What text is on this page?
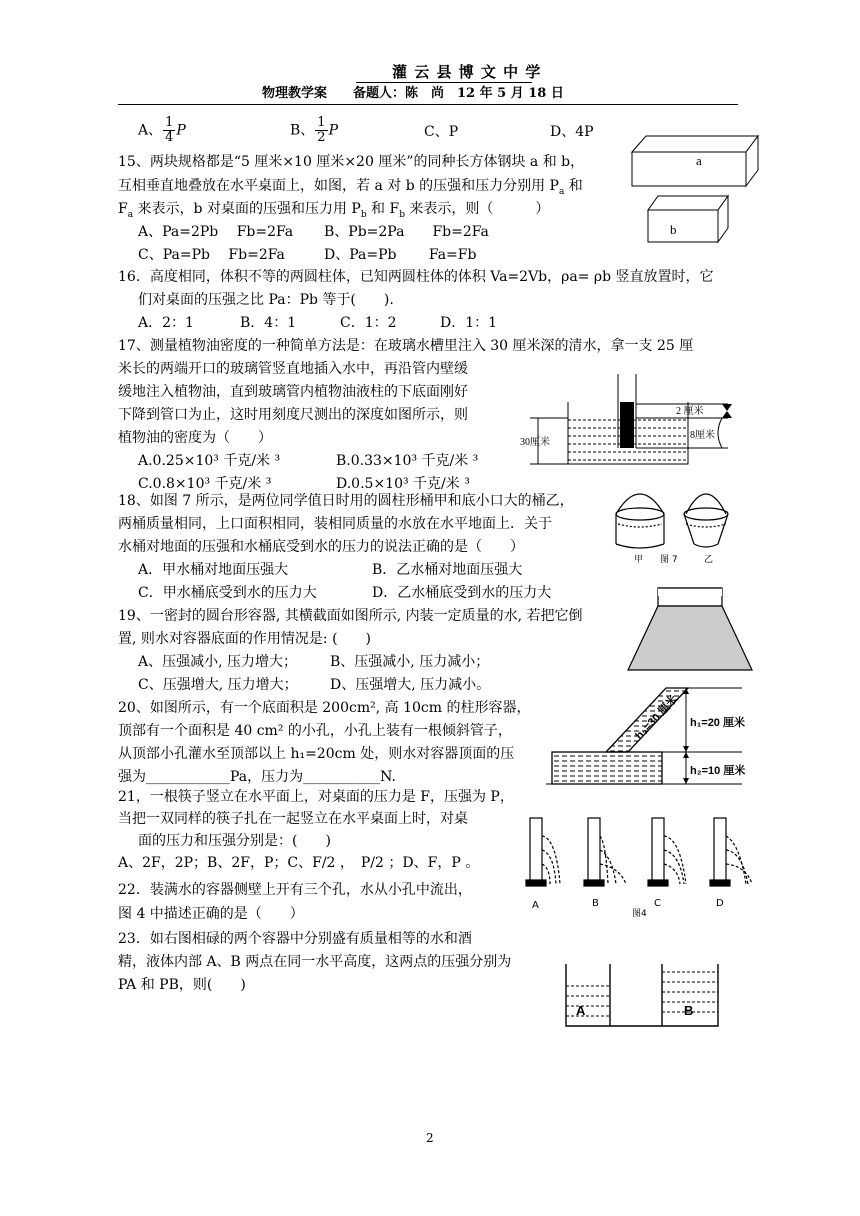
灌 云 县 博 文 中 学
物理教学案　　备题人：陈　尚　12 年 5 月 18 日
A、 $\frac{1}{4}$ P	B、 $\frac{1}{2}$ P	C、P	D、4P
15、两块规格都是“5 厘米×10 厘米×20 厘米”的同种长方体钢块 a 和 b，
互相垂直地叠放在水平桌面上，如图，若 a 对 b 的压强和压力分别用 $P_a$ 和
$F_a$ 来表示，b 对桌面的压强和压力用 $P_b$ 和 $F_b$ 来表示，则（　　　）
A、Pa=2Pb　 Fb=2Fa B、Pb=2Pa　　Fb=2Fa
C、Pa=Pb　 Fb=2Fa	D、Pa=Pb　　 Fa=Fb
a
b
16．高度相同，体积不等的两圆柱体，已知两圆柱体的体积 Va=2Vb，ρa= ρb 竖直放置时，它
们对桌面的压强之比 Pa：Pb 等于(　　).
A．2：1	B．4：1	C．1：2	D．1：1
17、测量植物油密度的一种简单方法是：在玻璃水槽里注入 30 厘米深的清水，拿一支 25 厘
米长的两端开口的玻璃管竖直地插入水中，再沿管内壁缓
缓地注入植物油，直到玻璃管内植物油液柱的下底面刚好
下降到管口为止，这时用刻度尺测出的深度如图所示，则
植物油的密度为（　　）
A.0.25×10³ 千克/米 ³	B.0.33×10³ 千克/米 ³
C.0.8×10³ 千克/米 ³	D.0.5×10³ 千克/米 ³
2 厘米
8厘米
30厘米
18、如图 7 所示，是两位同学值日时用的圆柱形桶甲和底小口大的桶乙，
两桶质量相同，上口面积相同，装相同质量的水放在水平地面上．关于
水桶对地面的压强和水桶底受到水的压力的说法正确的是（　　）
A．甲水桶对地面压强大	B．乙水桶对地面压强大
C．甲水桶底受到水的压力大	D．乙水桶底受到水的压力大
甲 图 7	乙
19、一密封的圆台形容器, 其横截面如图所示, 内装一定质量的水, 若把它倒
置, 则水对容器底面的作用情况是: (　　)
A、压强减小, 压力增大； B、压强减小, 压力减小；
C、压强增大, 压力增大； D、压强增大, 压力减小。
20、如图所示，有一个底面积是 200cm², 高 10cm 的柱形容器，
顶部有一个面积是 40 cm² 的小孔，小孔上装有一根倾斜管子，
从顶部小孔灌水至顶部以上 h₁=20cm 处，则水对容器顶面的压
强为____________Pa，压力为___________N.
h₃=30 厘米 h₁=20 厘米
h₂=10 厘米
21，一根筷子竖立在水平面上，对桌面的压力是 F，压强为 P，
当把一双同样的筷子扎在一起竖立在水平桌面上时，对桌
面的压力和压强分别是：(　　)
A、2F，2P；B、2F，P；C、F/2 ，　P/2 ；D、F，P 。
22．装满水的容器侧壁上开有三个孔，水从小孔中流出，
图 4 中描述正确的是（　　）
A	B	C	D
图4
23．如右图相碌的两个容器中分别盛有质量相等的水和酒
精，液体内部 A、B 两点在同一水平高度，这两点的压强分别为
PA 和 PB，则(　　)
A	B
2
